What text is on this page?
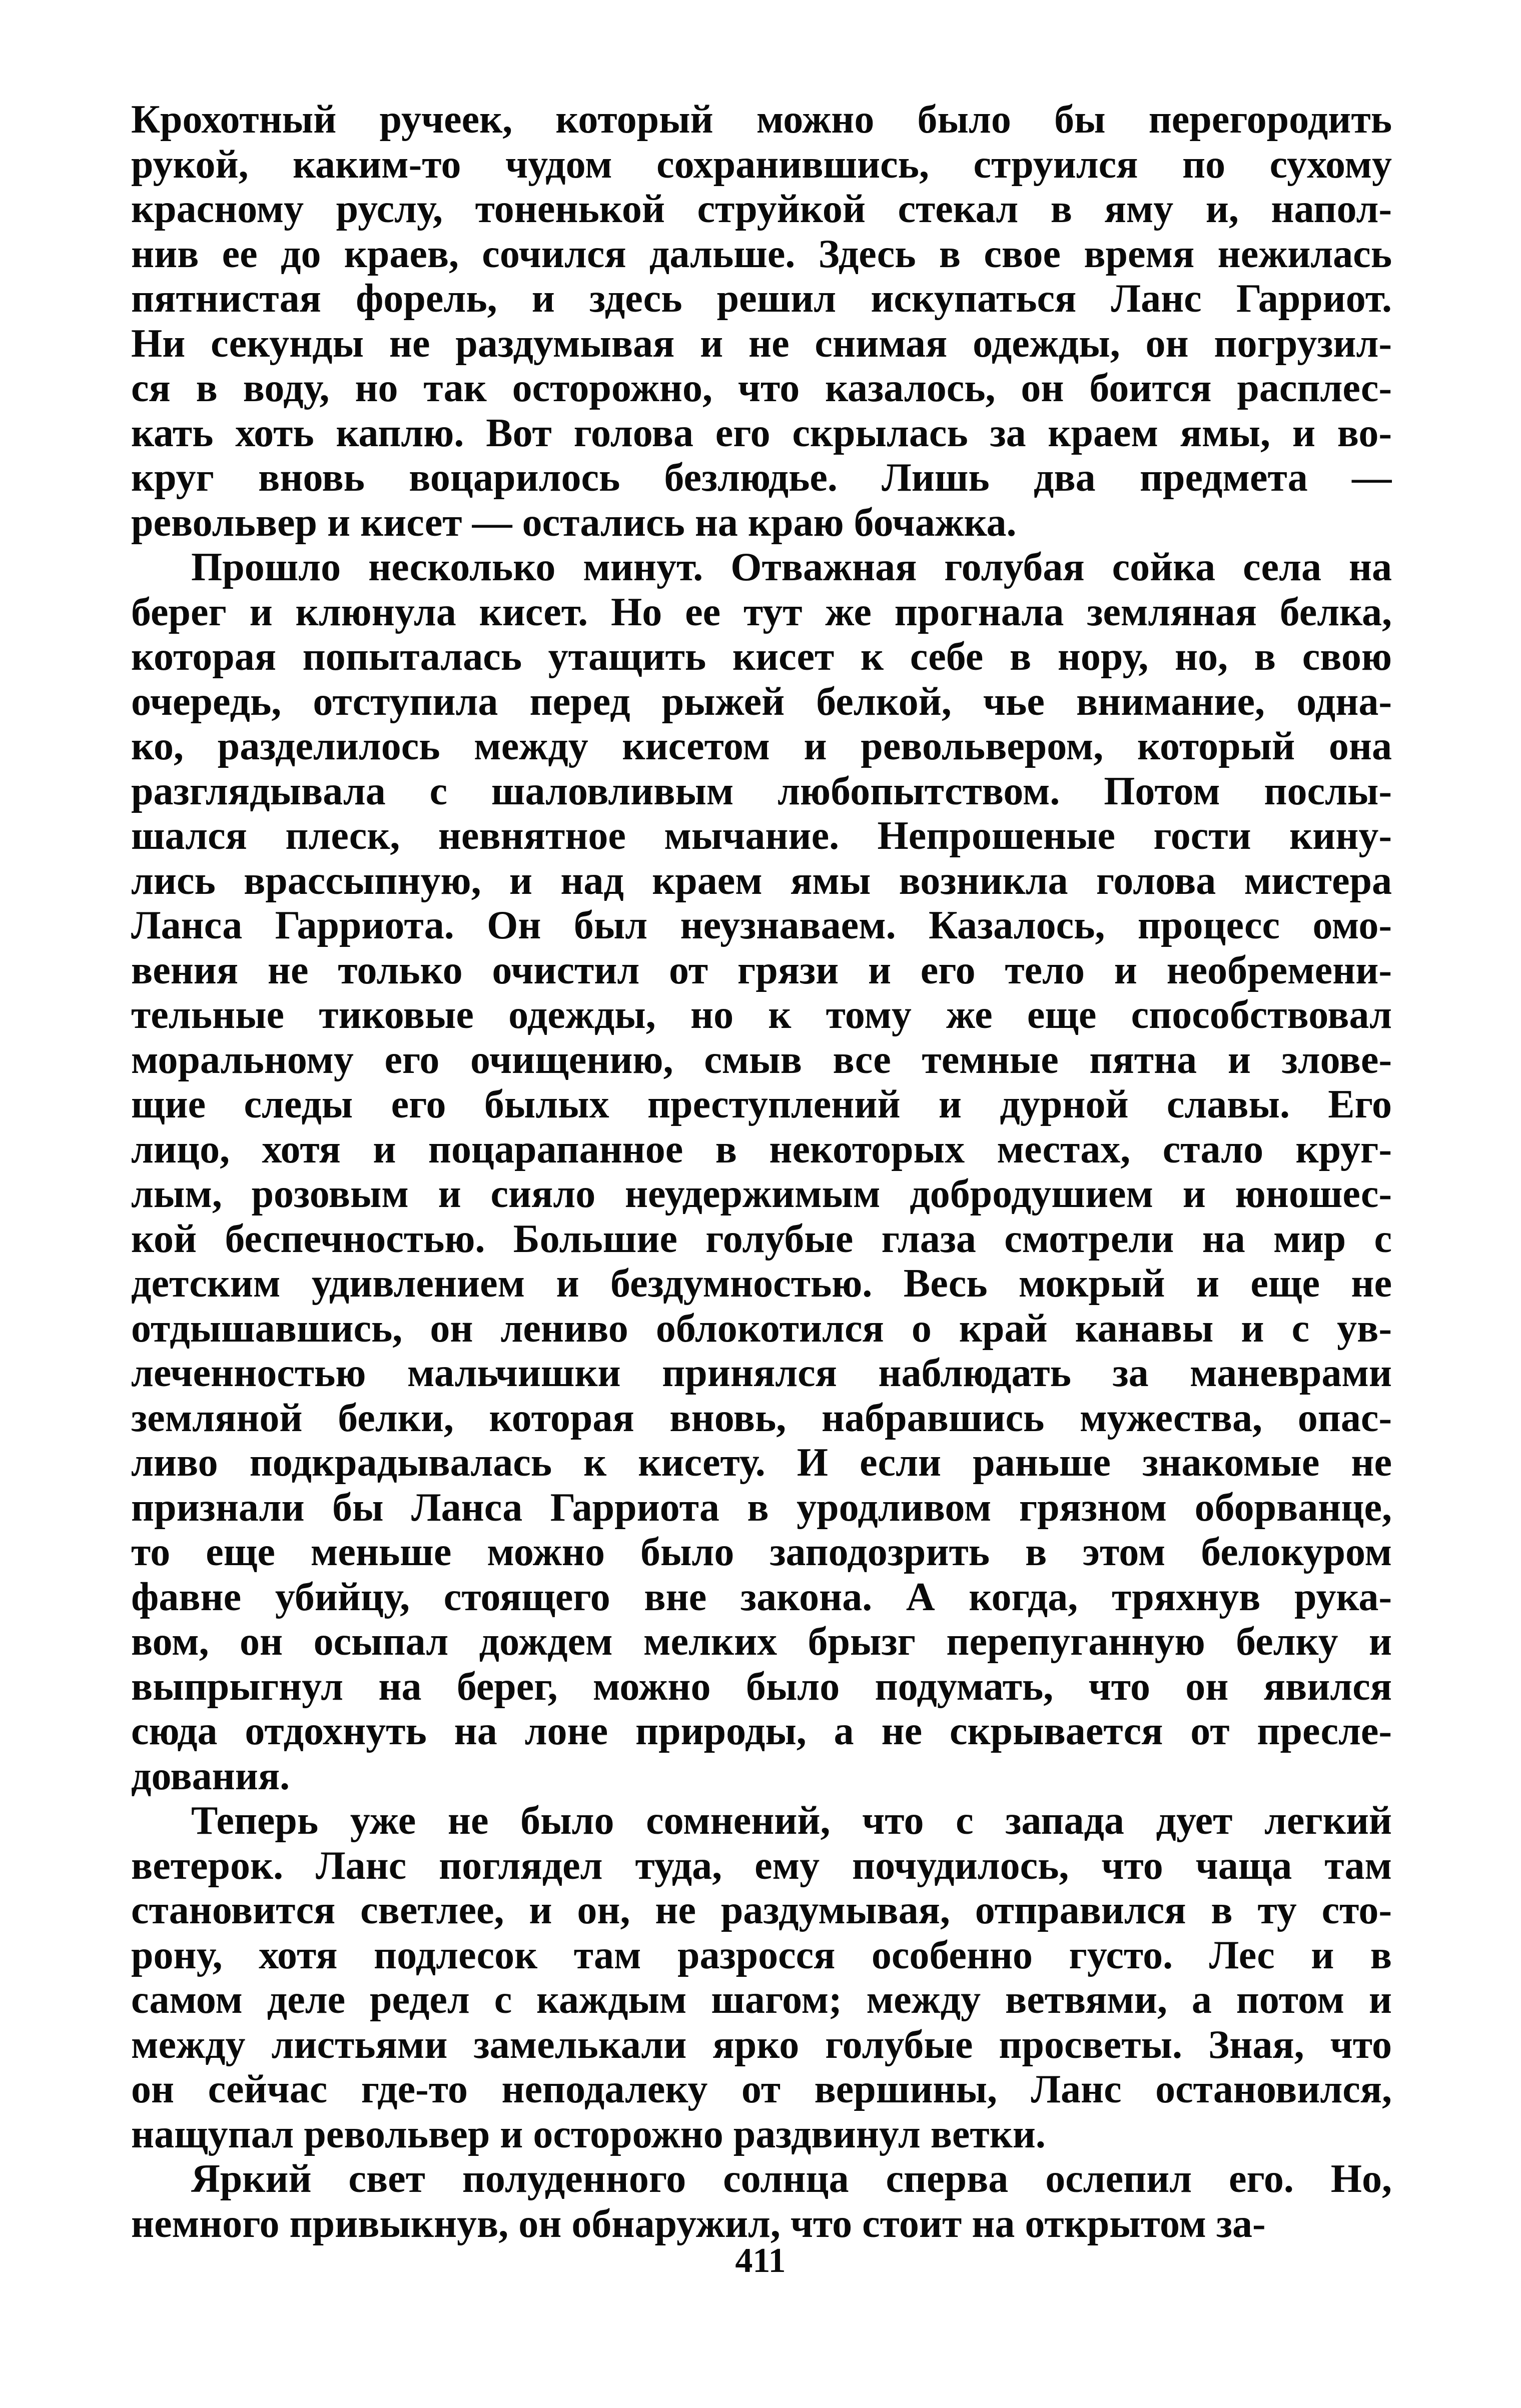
Крохотный ручеек, который можно было бы перегородить
рукой, каким-то чудом сохранившись, струился по сухому
красному руслу, тоненькой струйкой стекал в яму и, напол-
нив ее до краев, сочился дальше. Здесь в свое время нежилась
пятнистая форель, и здесь решил искупаться Ланс Гарриот.
Ни секунды не раздумывая и не снимая одежды, он погрузил-
ся в воду, но так осторожно, что казалось, он боится расплес-
кать хоть каплю. Вот голова его скрылась за краем ямы, и во-
круг вновь воцарилось безлюдье. Лишь два предмета —
револьвер и кисет — остались на краю бочажка.
Прошло несколько минут. Отважная голубая сойка села на
берег и клюнула кисет. Но ее тут же прогнала земляная белка,
которая попыталась утащить кисет к себе в нору, но, в свою
очередь, отступила перед рыжей белкой, чье внимание, одна-
ко, разделилось между кисетом и револьвером, который она
разглядывала с шаловливым любопытством. Потом послы-
шался плеск, невнятное мычание. Непрошеные гости кину-
лись врассыпную, и над краем ямы возникла голова мистера
Ланса Гарриота. Он был неузнаваем. Казалось, процесс омо-
вения не только очистил от грязи и его тело и необремени-
тельные тиковые одежды, но к тому же еще способствовал
моральному его очищению, смыв все темные пятна и злове-
щие следы его былых преступлений и дурной славы. Его
лицо, хотя и поцарапанное в некоторых местах, стало круг-
лым, розовым и сияло неудержимым добродушием и юношес-
кой беспечностью. Большие голубые глаза смотрели на мир с
детским удивлением и бездумностью. Весь мокрый и еще не
отдышавшись, он лениво облокотился о край канавы и с ув-
леченностью мальчишки принялся наблюдать за маневрами
земляной белки, которая вновь, набравшись мужества, опас-
ливо подкрадывалась к кисету. И если раньше знакомые не
признали бы Ланса Гарриота в уродливом грязном оборванце,
то еще меньше можно было заподозрить в этом белокуром
фавне убийцу, стоящего вне закона. А когда, тряхнув рука-
вом, он осыпал дождем мелких брызг перепуганную белку и
выпрыгнул на берег, можно было подумать, что он явился
сюда отдохнуть на лоне природы, а не скрывается от пресле-
дования.
Теперь уже не было сомнений, что с запада дует легкий
ветерок. Ланс поглядел туда, ему почудилось, что чаща там
становится светлее, и он, не раздумывая, отправился в ту сто-
рону, хотя подлесок там разросся особенно густо. Лес и в
самом деле редел с каждым шагом; между ветвями, а потом и
между листьями замелькали ярко голубые просветы. Зная, что
он сейчас где-то неподалеку от вершины, Ланс остановился,
нащупал револьвер и осторожно раздвинул ветки.
Яркий свет полуденного солнца сперва ослепил его. Но,
немного привыкнув, он обнаружил, что стоит на открытом за-
411
